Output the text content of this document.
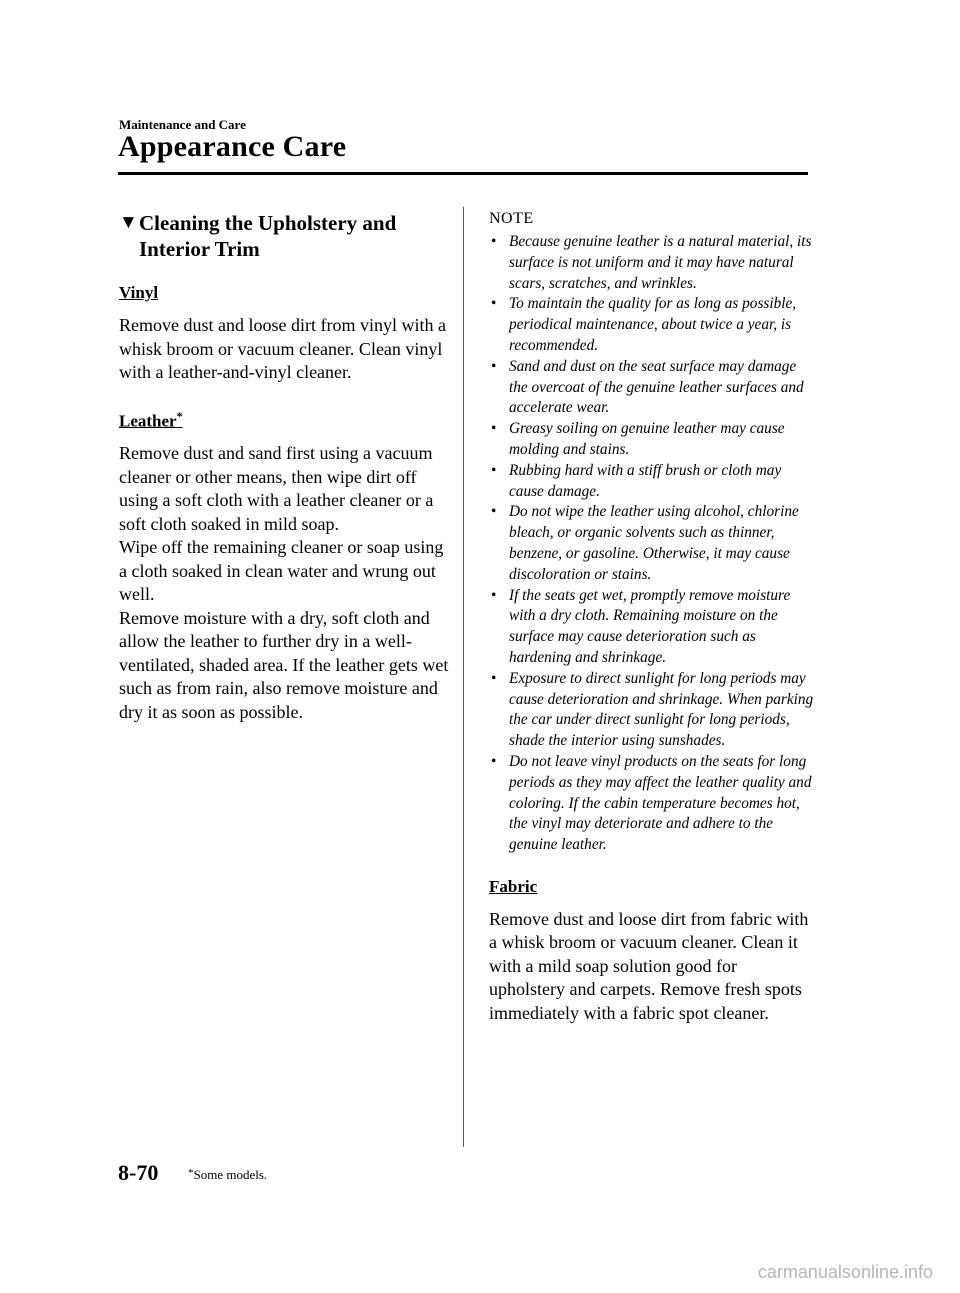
Maintenance and Care
Appearance Care
▼ Cleaning the Upholstery and
Interior Trim
Vinyl

Remove dust and loose dirt from vinyl with a whisk broom or vacuum cleaner. Clean vinyl with a leather-and-vinyl cleaner.

Leather*

Remove dust and sand first using a vacuum cleaner or other means, then wipe dirt off using a soft cloth with a leather cleaner or a soft cloth soaked in mild soap.

Wipe off the remaining cleaner or soap using a cloth soaked in clean water and wrung out well.

Remove moisture with a dry, soft cloth and allow the leather to further dry in a well-ventilated, shaded area. If the leather gets wet such as from rain, also remove moisture and dry it as soon as possible.

NOTE
• Because genuine leather is a natural material, its surface is not uniform and it may have natural scars, scratches, and wrinkles.
• To maintain the quality for as long as possible, periodical maintenance, about twice a year, is recommended.
• Sand and dust on the seat surface may damage the overcoat of the genuine leather surfaces and accelerate wear.
• Greasy soiling on genuine leather may cause molding and stains.
• Rubbing hard with a stiff brush or cloth may cause damage.
• Do not wipe the leather using alcohol, chlorine bleach, or organic solvents such as thinner, benzene, or gasoline. Otherwise, it may cause discoloration or stains.
• If the seats get wet, promptly remove moisture with a dry cloth. Remaining moisture on the surface may cause deterioration such as hardening and shrinkage.
• Exposure to direct sunlight for long periods may cause deterioration and shrinkage. When parking the car under direct sunlight for long periods, shade the interior using sunshades.
• Do not leave vinyl products on the seats for long periods as they may affect the leather quality and coloring. If the cabin temperature becomes hot, the vinyl may deteriorate and adhere to the genuine leather.
Fabric

Remove dust and loose dirt from fabric with a whisk broom or vacuum cleaner. Clean it with a mild soap solution good for upholstery and carpets. Remove fresh spots immediately with a fabric spot cleaner.

8-70	*Some models.
carmanualsonline.info
